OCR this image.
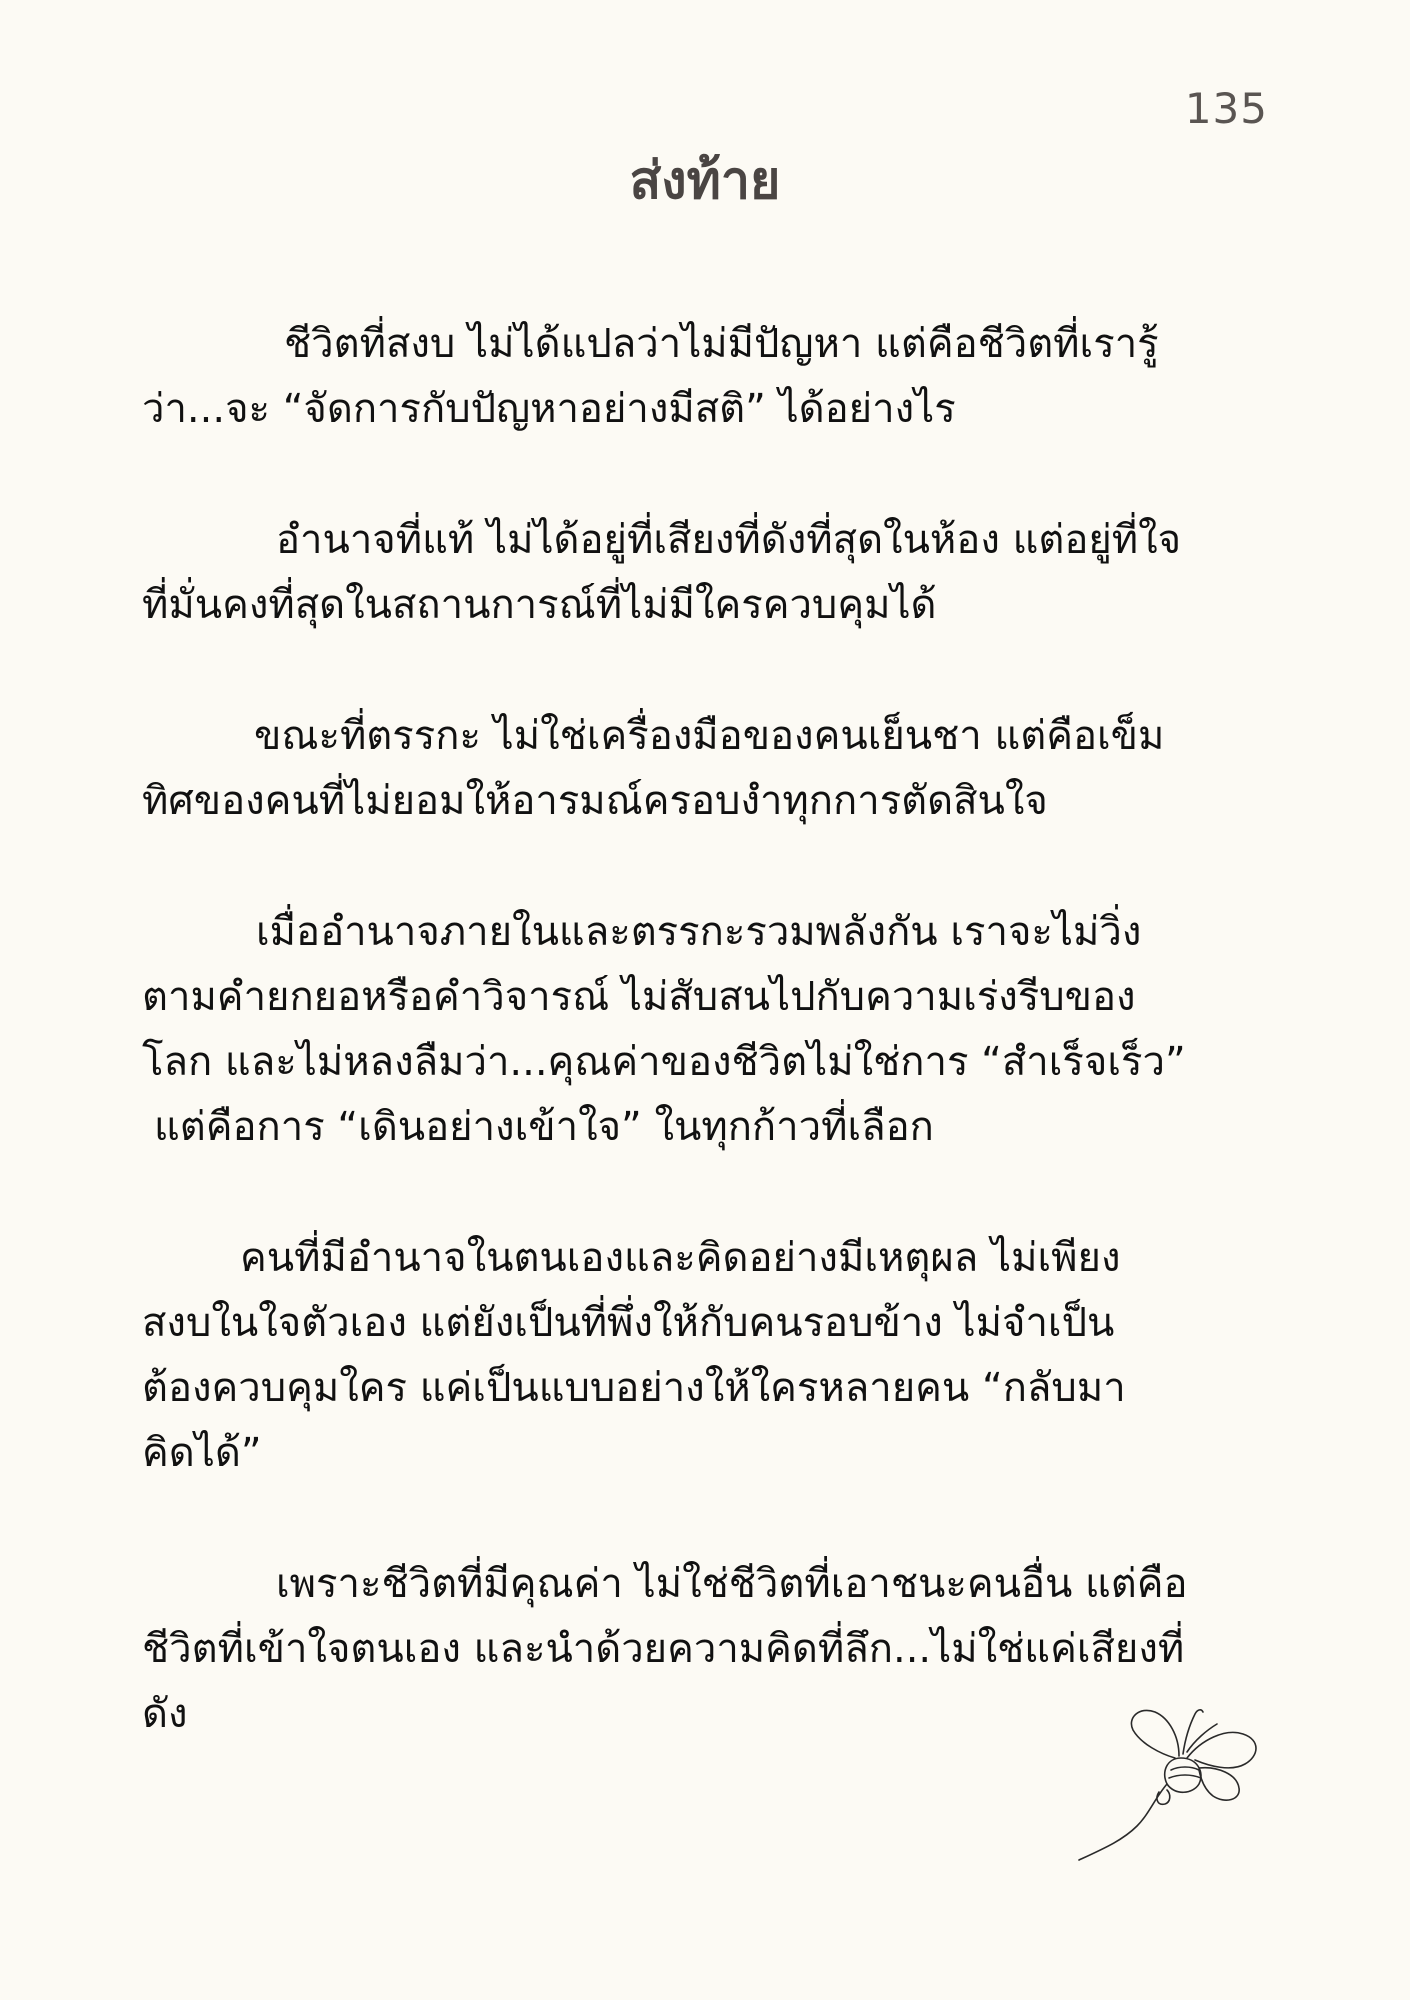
135
ส่งท้าย
ชีวิตที่สงบ ไม่ได้แปลว่าไม่มีปัญหา แต่คือชีวิตที่เรารู้
ว่า...จะ “จัดการกับปัญหาอย่างมีสติ” ได้อย่างไร
อำนาจที่แท้ ไม่ได้อยู่ที่เสียงที่ดังที่สุดในห้อง แต่อยู่ที่ใจ
ที่มั่นคงที่สุดในสถานการณ์ที่ไม่มีใครควบคุมได้
ขณะที่ตรรกะ ไม่ใช่เครื่องมือของคนเย็นชา แต่คือเข็ม
ทิศของคนที่ไม่ยอมให้อารมณ์ครอบงำทุกการตัดสินใจ
เมื่ออำนาจภายในและตรรกะรวมพลังกัน เราจะไม่วิ่ง
ตามคำยกยอหรือคำวิจารณ์ ไม่สับสนไปกับความเร่งรีบของ
โลก และไม่หลงลืมว่า...คุณค่าของชีวิตไม่ใช่การ “สำเร็จเร็ว”
แต่คือการ “เดินอย่างเข้าใจ” ในทุกก้าวที่เลือก
คนที่มีอำนาจในตนเองและคิดอย่างมีเหตุผล ไม่เพียง
สงบในใจตัวเอง แต่ยังเป็นที่พึ่งให้กับคนรอบข้าง ไม่จำเป็น
ต้องควบคุมใคร แค่เป็นแบบอย่างให้ใครหลายคน “กลับมา
คิดได้”
เพราะชีวิตที่มีคุณค่า ไม่ใช่ชีวิตที่เอาชนะคนอื่น แต่คือ
ชีวิตที่เข้าใจตนเอง และนำด้วยความคิดที่ลึก...ไม่ใช่แค่เสียงที่
ดัง
